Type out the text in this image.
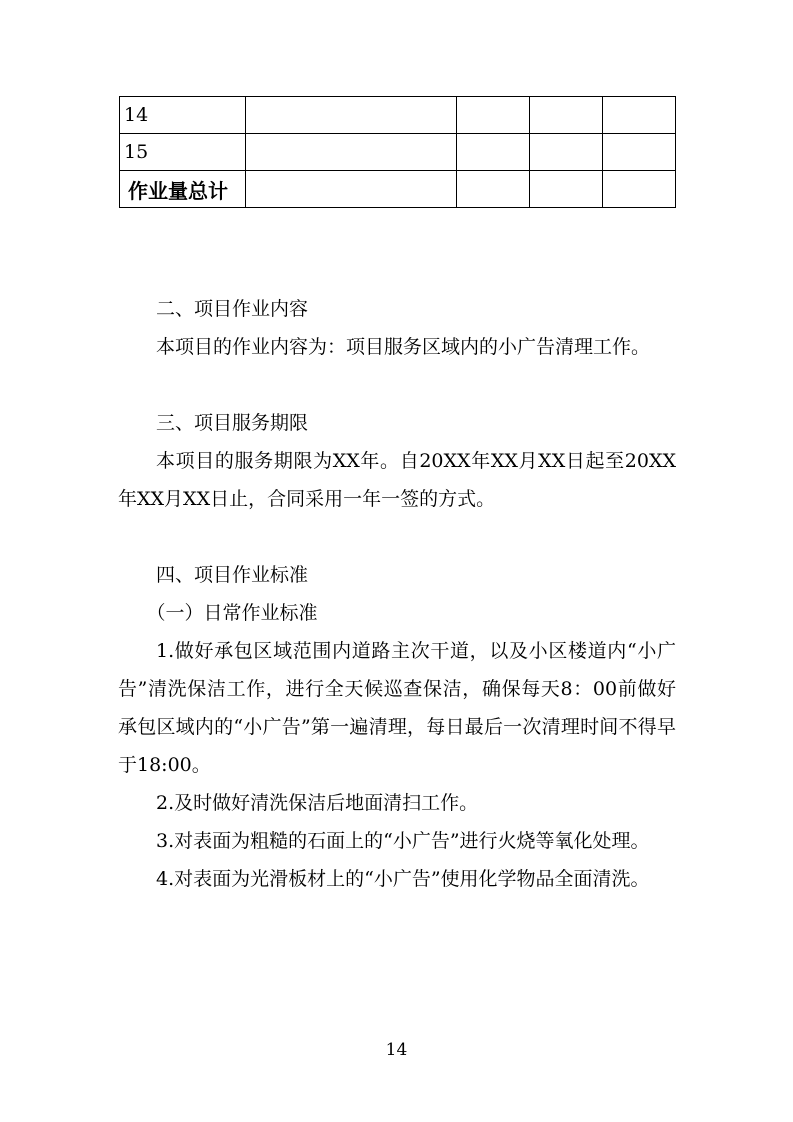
14				
15				
作业量总计				

二、项目作业内容

本项目的作业内容为：项目服务区域内的小广告清理工作。

三、项目服务期限

本项目的服务期限为XX年。自20XX年XX月XX日起至20XX年XX月XX日止，合同采用一年一签的方式。

四、项目作业标准

（一）日常作业标准

1.做好承包区域范围内道路主次干道，以及小区楼道内“小广告”清洗保洁工作，进行全天候巡查保洁，确保每天8：00前做好承包区域内的“小广告”第一遍清理，每日最后一次清理时间不得早于18:00。

2.及时做好清洗保洁后地面清扫工作。

3.对表面为粗糙的石面上的“小广告”进行火烧等氧化处理。

4.对表面为光滑板材上的“小广告”使用化学物品全面清洗。

14
